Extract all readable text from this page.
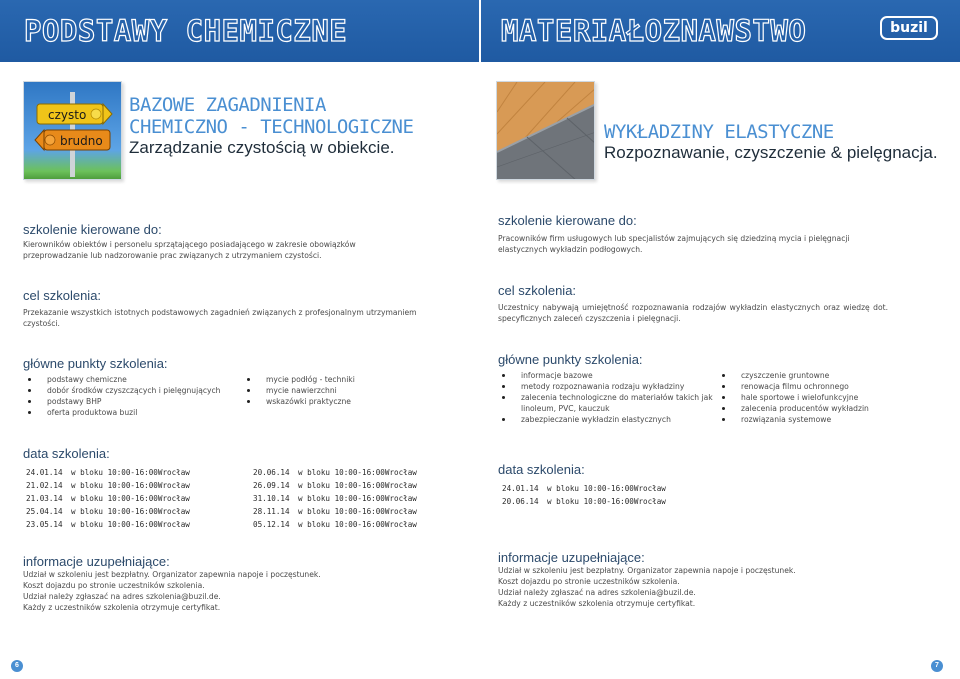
PODSTAWY CHEMICZNE	MATERIAŁOZNAWSTWO	buzil
czysto
brudno
BAZOWE ZAGADNIENIA
CHEMICZNO - TECHNOLOGICZNE
Zarządzanie czystością w obiekcie.
szkolenie kierowane do:
Kierowników obiektów i personelu sprzątającego posiadającego w zakresie obowiązków przeprowadzanie lub nadzorowanie prac związanych z utrzymaniem czystości.
cel szkolenia:
Przekazanie wszystkich istotnych podstawowych zagadnień związanych z profesjonalnym utrzymaniem czystości.
główne punkty szkolenia:
podstawy chemiczne
dobór środków czyszczących i pielęgnujących
podstawy BHP
oferta produktowa buzil
mycie podłóg - techniki
mycie nawierzchni
wskazówki praktyczne
data szkolenia:
24.01.14	w bloku 10:00-16:00	Wrocław
21.02.14	w bloku 10:00-16:00	Wrocław
21.03.14	w bloku 10:00-16:00	Wrocław
25.04.14	w bloku 10:00-16:00	Wrocław
23.05.14	w bloku 10:00-16:00	Wrocław
20.06.14	w bloku 10:00-16:00	Wrocław
26.09.14	w bloku 10:00-16:00	Wrocław
31.10.14	w bloku 10:00-16:00	Wrocław
28.11.14	w bloku 10:00-16:00	Wrocław
05.12.14	w bloku 10:00-16:00	Wrocław
informacje uzupełniające:
Udział w szkoleniu jest bezpłatny. Organizator zapewnia napoje i poczęstunek.
Koszt dojazdu po stronie uczestników szkolenia.
Udział należy zgłaszać na adres szkolenia@buzil.de.
Każdy z uczestników szkolenia otrzymuje certyfikat.
6
WYKŁADZINY ELASTYCZNE
Rozpoznawanie, czyszczenie & pielęgnacja.
szkolenie kierowane do:
Pracowników firm usługowych lub specjalistów zajmujących się dziedziną mycia i pielęgnacji elastycznych wykładzin podłogowych.
cel szkolenia:
Uczestnicy nabywają umiejętność rozpoznawania rodzajów wykładzin elastycznych oraz wiedzę dot. specyficznych zaleceń czyszczenia i pielęgnacji.
główne punkty szkolenia:
informacje bazowe
metody rozpoznawania rodzaju wykładziny
zalecenia technologiczne do materiałów takich jak linoleum, PVC, kauczuk
zabezpieczanie wykładzin elastycznych
czyszczenie gruntowne
renowacja filmu ochronnego
hale sportowe i wielofunkcyjne
zalecenia producentów wykładzin
rozwiązania systemowe
data szkolenia:
24.01.14	w bloku 10:00-16:00	Wrocław
20.06.14	w bloku 10:00-16:00	Wrocław
informacje uzupełniające:
Udział w szkoleniu jest bezpłatny. Organizator zapewnia napoje i poczęstunek.
Koszt dojazdu po stronie uczestników szkolenia.
Udział należy zgłaszać na adres szkolenia@buzil.de.
Każdy z uczestników szkolenia otrzymuje certyfikat.
7
